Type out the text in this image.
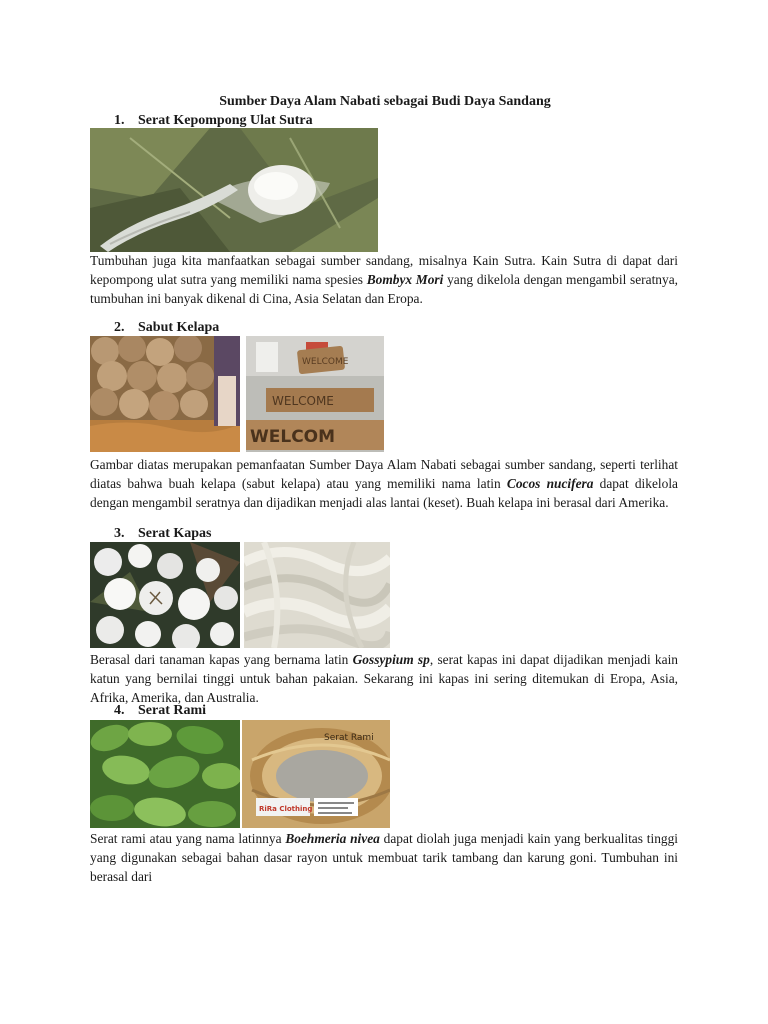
Sumber Daya Alam Nabati sebagai Budi Daya Sandang
1. Serat Kepompong Ulat Sutra
Tumbuhan juga kita manfaatkan sebagai sumber sandang, misalnya Kain Sutra. Kain Sutra di dapat dari kepompong ulat sutra yang memiliki nama spesies Bombyx Mori yang dikelola dengan mengambil seratnya, tumbuhan ini banyak dikenal di Cina, Asia Selatan dan Eropa.
2. Sabut Kelapa
WELCOME
WELCOME
WELCOM
Gambar diatas merupakan pemanfaatan Sumber Daya Alam Nabati sebagai sumber sandang, seperti terlihat diatas bahwa buah kelapa (sabut kelapa) atau yang memiliki nama latin Cocos nucifera dapat dikelola dengan mengambil seratnya dan dijadikan menjadi alas lantai (keset). Buah kelapa ini berasal dari Amerika.
3. Serat Kapas
Berasal dari tanaman kapas yang bernama latin Gossypium sp, serat kapas ini dapat dijadikan menjadi kain katun yang bernilai tinggi untuk bahan pakaian. Sekarang ini kapas ini sering ditemukan di Eropa, Asia, Afrika, Amerika, dan Australia.
4. Serat Rami
Serat Rami
RiRa Clothing
Serat rami atau yang nama latinnya Boehmeria nivea dapat diolah juga menjadi kain yang berkualitas tinggi yang digunakan sebagai bahan dasar rayon untuk membuat tarik tambang dan karung goni. Tumbuhan ini berasal dari
